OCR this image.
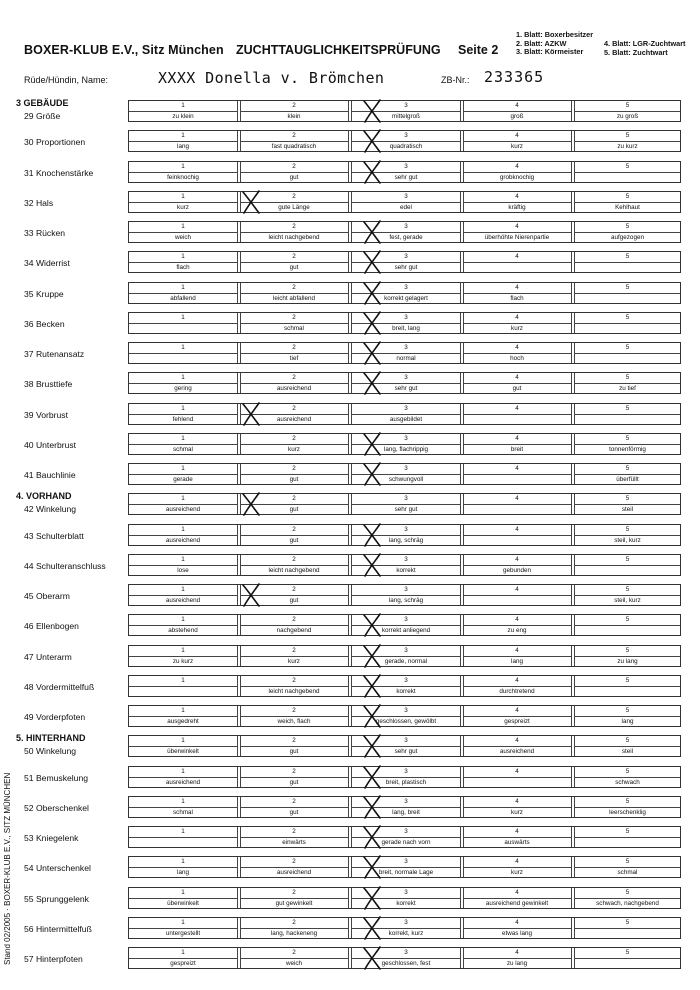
BOXER-KLUB E.V., Sitz München ZUCHTTAUGLICHKEITSPRÜFUNG Seite 2
1. Blatt: Boxerbesitzer
2. Blatt: AZKW
3. Blatt: Körmeister
4. Blatt: LGR-Zuchtwart
5. Blatt: Zuchtwart
Rüde/Hündin, Name:	XXXX Donella v. Brömchen	ZB-Nr.: 233365
Stand 02/2005 · BOXER-KLUB E.V., SITZ MÜNCHEN
3 GEBÄUDE
29 Größe
1
zu klein
2
klein
3
mittelgroß
4
groß
5
zu groß
30 Proportionen
1
lang
2
fast quadratisch
3
quadratisch
4
kurz
5
zu kurz
31 Knochenstärke
1
feinknochig
2
gut
3
sehr gut
4
grobknochig
5
32 Hals
1
kurz
2
gute Länge
3
edel
4
kräftig
5
Kehlhaut
33 Rücken
1
weich
2
leicht nachgebend
3
fest, gerade
4
überhöhte Nierenpartie
5
aufgezogen
34 Widerrist
1
flach
2
gut
3
sehr gut
4	5
35 Kruppe
1
abfallend
2
leicht abfallend
3
korrekt gelagert
4
flach
5
36 Becken
1	2
schmal
3
breit, lang
4
kurz
5
37 Rutenansatz
1	2
tief
3
normal
4
hoch
5
38 Brusttiefe
1
gering
2
ausreichend
3
sehr gut
4
gut
5
zu tief
39 Vorbrust
1
fehlend
2
ausreichend
3
ausgebildet
4	5
40 Unterbrust
1
schmal
2
kurz
3
lang, flachrippig
4
breit
5
tonnenförmig
41 Bauchlinie
1
gerade
2
gut
3
schwungvoll
4	5
überfüllt
4. VORHAND
42 Winkelung
1
ausreichend
2
gut
3
sehr gut
4	5
steil
43 Schulterblatt
1
ausreichend
2
gut
3
lang, schräg
4	5
steil, kurz
44 Schulteranschluss
1
lose
2
leicht nachgebend
3
korrekt
4
gebunden
5
45 Oberarm
1
ausreichend
2
gut
3
lang, schräg
4	5
steil, kurz
46 Ellenbogen
1
abstehend
2
nachgebend
3
korrekt anliegend
4
zu eng
5
47 Unterarm
1
zu kurz
2
kurz
3
gerade, normal
4
lang
5
zu lang
48 Vordermittelfuß
1	2
leicht nachgebend
3
korrekt
4
durchtretend
5
49 Vorderpfoten
1
ausgedreht
2
weich, flach
3
geschlossen, gewölbt
4
gespreizt
5
lang
5. HINTERHAND
50 Winkelung
1
überwinkelt
2
gut
3
sehr gut
4
ausreichend
5
steil
51 Bemuskelung
1
ausreichend
2
gut
3
breit, plastisch
4	5
schwach
52 Oberschenkel
1
schmal
2
gut
3
lang, breit
4
kurz
5
leerschenklig
53 Kniegelenk
1	2
einwärts
3
gerade nach vorn
4
auswärts
5
54 Unterschenkel
1
lang
2
ausreichend
3
breit, normale Lage
4
kurz
5
schmal
55 Sprunggelenk
1
überwinkelt
2
gut gewinkelt
3
korrekt
4
ausreichend gewinkelt
5
schwach, nachgebend
56 Hintermittelfuß
1
untergestellt
2
lang, hackeneng
3
korrekt, kurz
4
etwas lang
5
57 Hinterpfoten
1
gespreizt
2
weich
3
geschlossen, fest
4
zu lang
5
